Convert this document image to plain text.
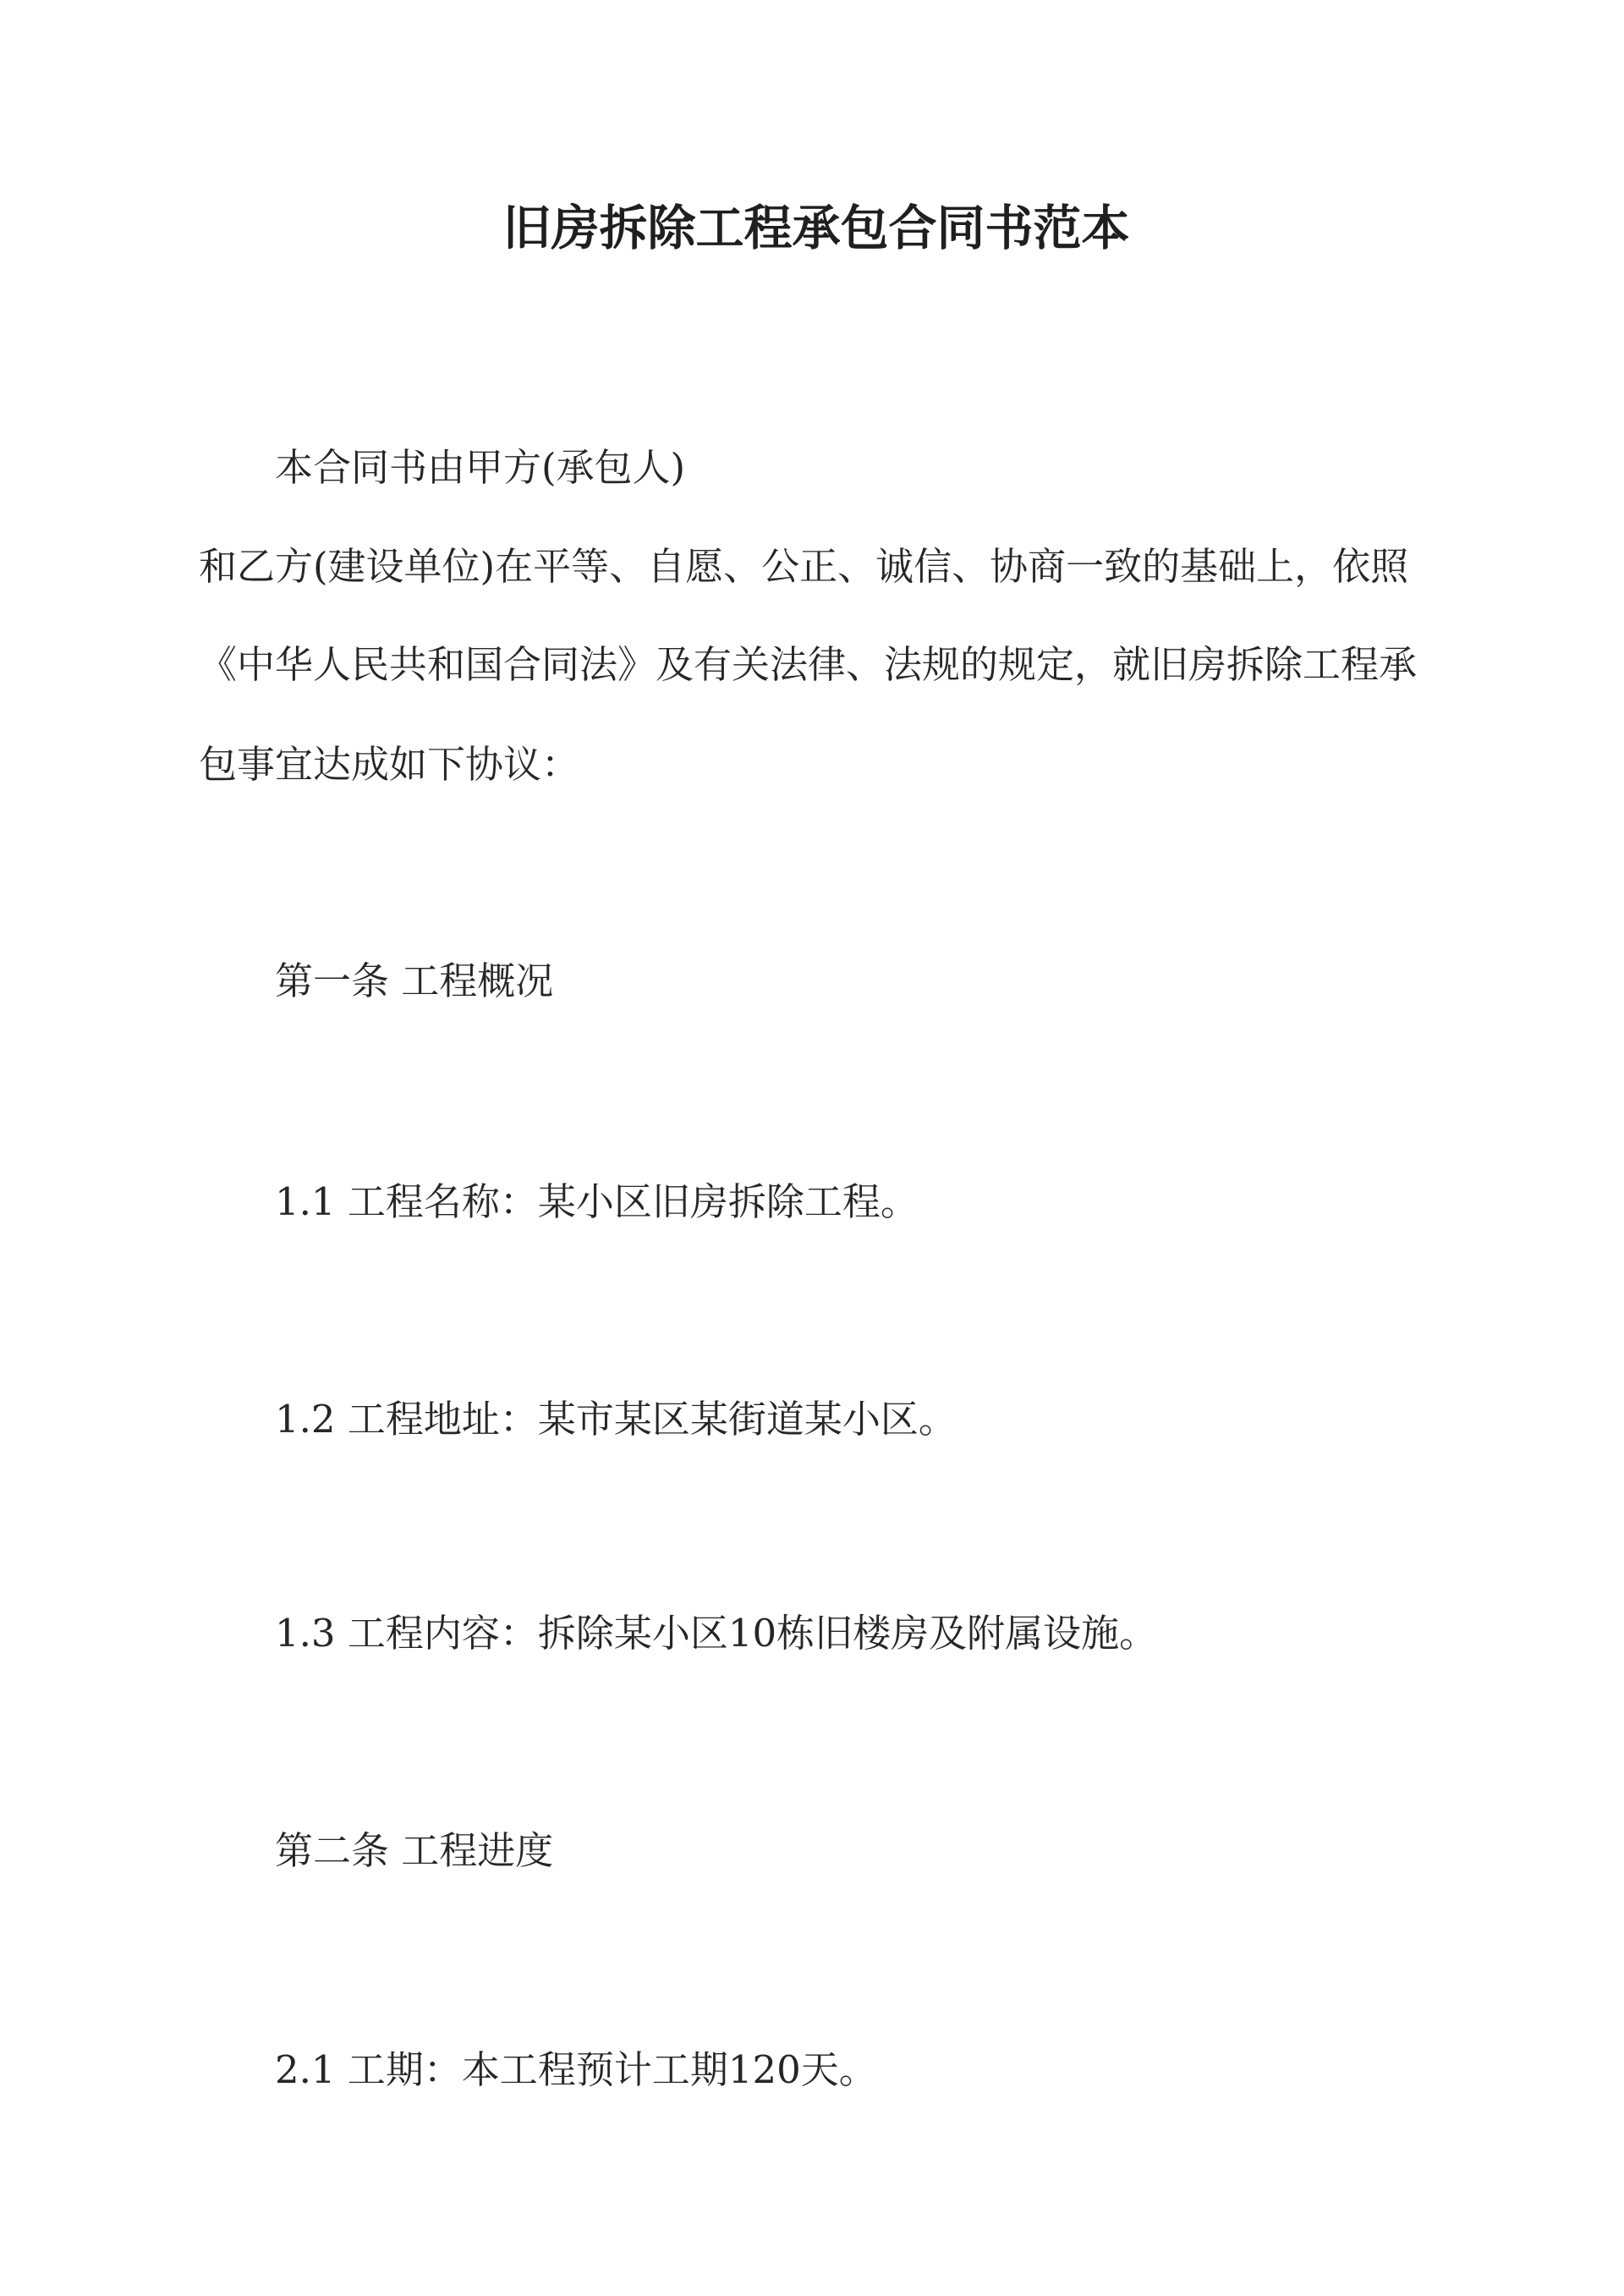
旧房拆除工程承包合同书范本
本合同书由甲方(承包人)
和乙方(建设单位)在平等、自愿、公正、诚信、协商一致的基础上，依照
《中华人民共和国合同法》及有关法律、法规的规定，就旧房拆除工程承
包事宜达成如下协议：
第一条 工程概况
1.1 工程名称：某小区旧房拆除工程。
1.2 工程地址：某市某区某街道某小区。
1.3 工程内容：拆除某小区10栋旧楼房及附属设施。
第二条 工程进度
2.1 工期：本工程预计工期120天。
